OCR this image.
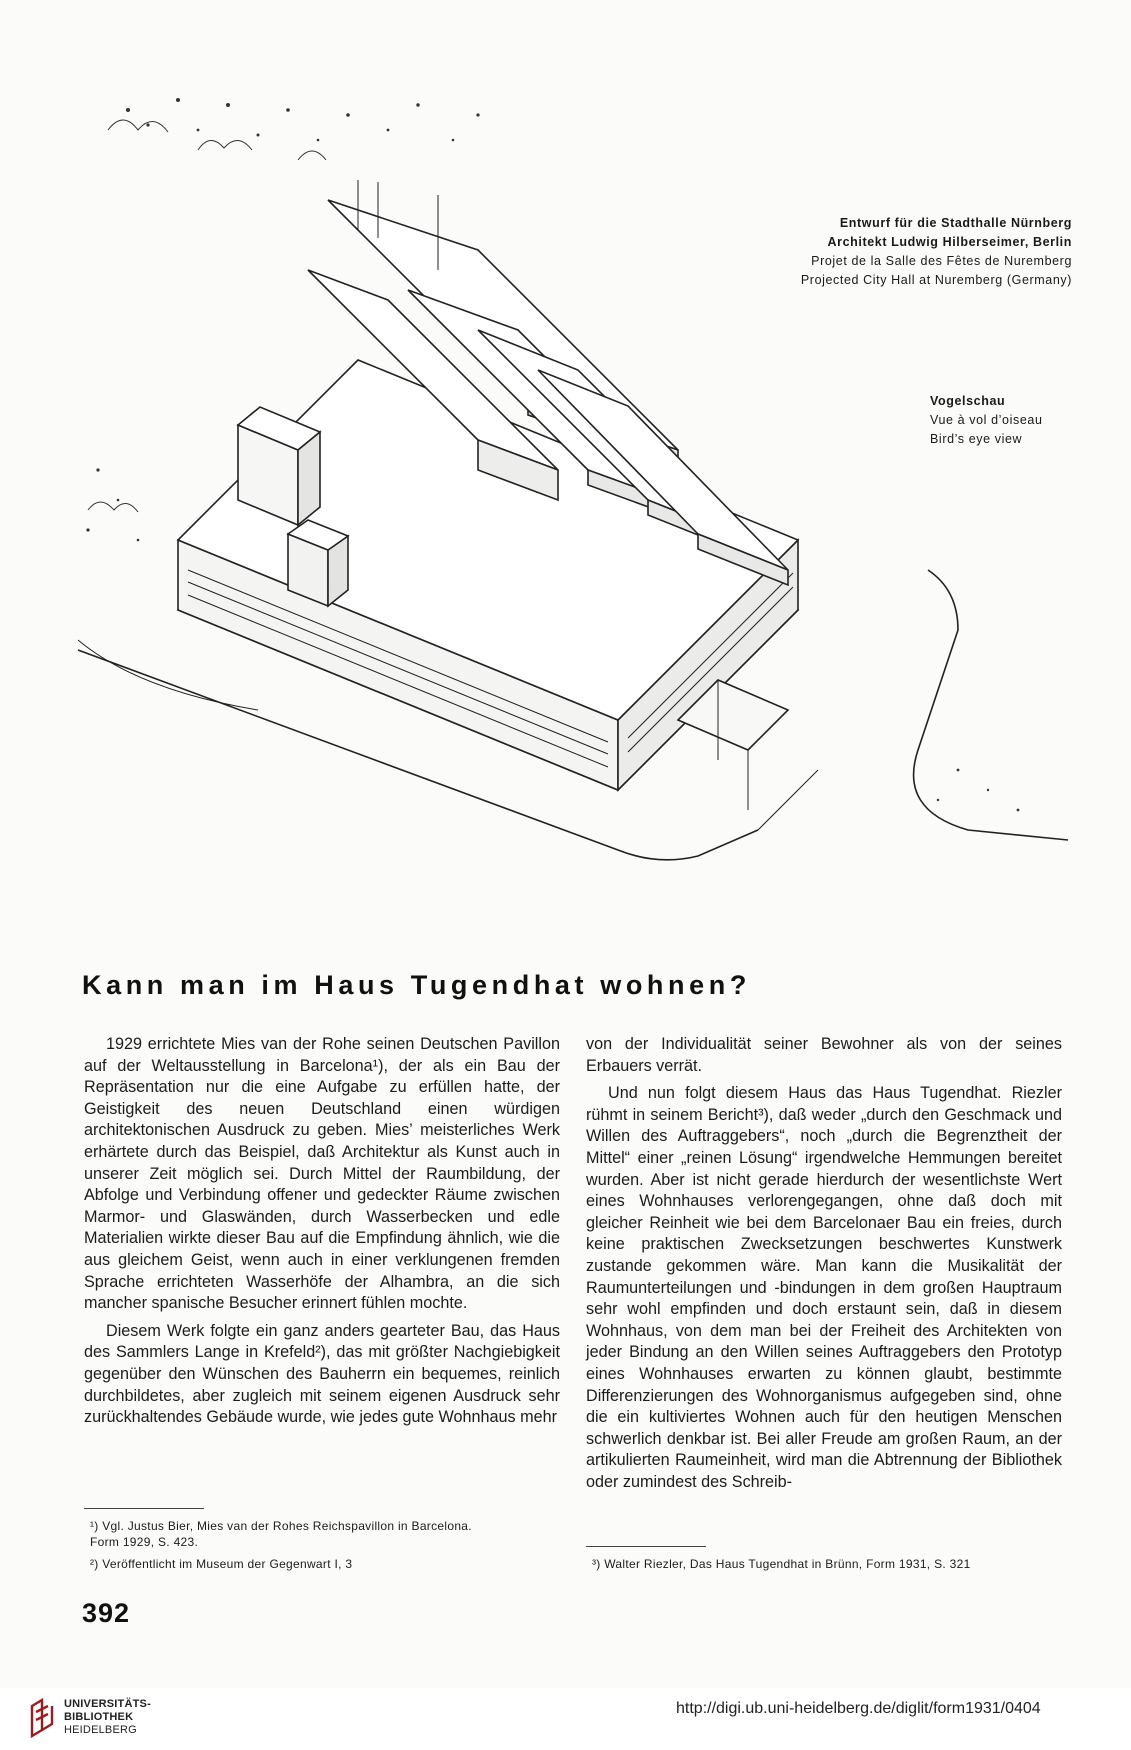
Entwurf für die Stadthalle Nürnberg
Architekt Ludwig Hilberseimer, Berlin
Projet de la Salle des Fêtes de Nuremberg
Projected City Hall at Nuremberg (Germany)
Vogelschau
Vue à vol d’oiseau
Bird’s eye view
Kann man im Haus Tugendhat wohnen?

1929 errichtete Mies van der Rohe seinen Deutschen Pavillon auf der Weltausstellung in Barcelona¹), der als ein Bau der Repräsentation nur die eine Aufgabe zu erfüllen hatte, der Geistigkeit des neuen Deutschland einen würdigen architektonischen Ausdruck zu geben. Mies’ meisterliches Werk erhärtete durch das Beispiel, daß Architektur als Kunst auch in unserer Zeit möglich sei. Durch Mittel der Raumbildung, der Abfolge und Verbindung offener und gedeckter Räume zwischen Marmor- und Glaswänden, durch Wasserbecken und edle Materialien wirkte dieser Bau auf die Empfindung ähnlich, wie die aus gleichem Geist, wenn auch in einer verklungenen fremden Sprache errichteten Wasserhöfe der Alhambra, an die sich mancher spanische Besucher erinnert fühlen mochte.

Diesem Werk folgte ein ganz anders gearteter Bau, das Haus des Sammlers Lange in Krefeld²), das mit größter Nachgiebigkeit gegenüber den Wünschen des Bauherrn ein bequemes, reinlich durchbildetes, aber zugleich mit seinem eigenen Ausdruck sehr zurückhaltendes Gebäude wurde, wie jedes gute Wohnhaus mehr

von der Individualität seiner Bewohner als von der seines Erbauers verrät.

Und nun folgt diesem Haus das Haus Tugendhat. Riezler rühmt in seinem Bericht³), daß weder „durch den Geschmack und Willen des Auftraggebers“, noch „durch die Begrenztheit der Mittel“ einer „reinen Lösung“ irgendwelche Hemmungen bereitet wurden. Aber ist nicht gerade hierdurch der wesentlichste Wert eines Wohnhauses verlorengegangen, ohne daß doch mit gleicher Reinheit wie bei dem Barcelonaer Bau ein freies, durch keine praktischen Zwecksetzungen beschwertes Kunstwerk zustande gekommen wäre. Man kann die Musikalität der Raumunterteilungen und -bindungen in dem großen Hauptraum sehr wohl empfinden und doch erstaunt sein, daß in diesem Wohnhaus, von dem man bei der Freiheit des Architekten von jeder Bindung an den Willen seines Auftraggebers den Prototyp eines Wohnhauses erwarten zu können glaubt, bestimmte Differenzierungen des Wohnorganismus aufgegeben sind, ohne die ein kultiviertes Wohnen auch für den heutigen Menschen schwerlich denkbar ist. Bei aller Freude am großen Raum, an der artikulierten Raumeinheit, wird man die Abtrennung der Bibliothek oder zumindest des Schreib-

¹) Vgl. Justus Bier, Mies van der Rohes Reichspavillon in Barcelona.
Form 1929, S. 423.
²) Veröffentlicht im Museum der Gegenwart I, 3	³) Walter Riezler, Das Haus Tugendhat in Brünn, Form 1931, S. 321
392
UNIVERSITÄTS-
BIBLIOTHEK
HEIDELBERG
http://digi.ub.uni-heidelberg.de/diglit/form1931/0404
